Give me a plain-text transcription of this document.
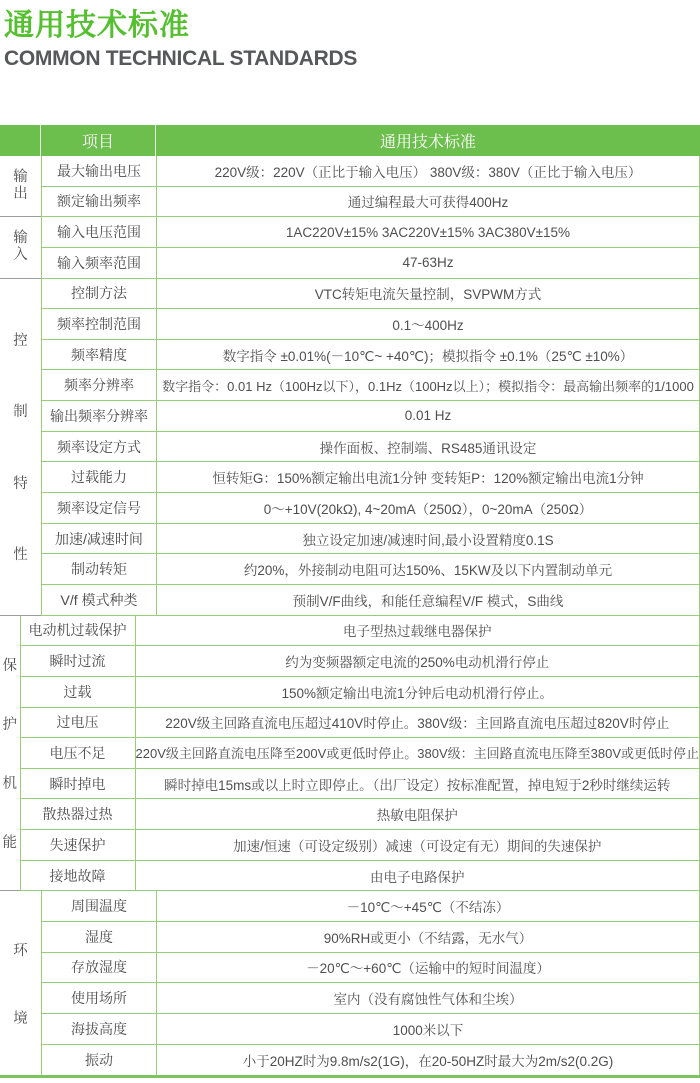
通用技术标准
COMMON TECHNICAL STANDARDS
项目	通用技术标准
输
出
最大输出电压	220V级：220V（正比于输入电压） 380V级：380V（正比于输入电压）
额定输出频率	通过编程最大可获得400Hz
输
入
输入电压范围	1AC220V±15% 3AC220V±15% 3AC380V±15%
输入频率范围	47-63Hz
控
制
特
性
控制方法	VTC转矩电流矢量控制，SVPWM方式
频率控制范围	0.1～400Hz
频率精度	数字指令 ±0.01%(－10℃~ +40℃)；模拟指令 ±0.1%（25℃ ±10%）
频率分辨率 数字指令：0.01 Hz（100Hz以下），0.1Hz（100Hz以上）；模拟指令：最高输出频率的1/1000
输出频率分辨率	0.01 Hz
频率设定方式	操作面板、控制端、RS485通讯设定
过载能力	恒转矩G：150%额定输出电流1分钟 变转矩P：120%额定输出电流1分钟
频率设定信号	0～+10V(20kΩ), 4~20mA（250Ω），0~20mA（250Ω）
加速/减速时间	独立设定加速/减速时间,最小设置精度0.1S
制动转矩	约20%，外接制动电阻可达150%、15KW及以下内置制动单元
V/f 模式种类	预制V/F曲线，和能任意编程V/F 模式，S曲线
保
护
机
能
电动机过载保护	电子型热过载继电器保护
瞬时过流	约为变频器额定电流的250%电动机滑行停止
过载	150%额定输出电流1分钟后电动机滑行停止。
过电压	220V级主回路直流电压超过410V时停止。380V级：主回路直流电压超过820V时停止
电压不足 220V级主回路直流电压降至200V或更低时停止。380V级：主回路直流电压降至380V或更低时停止
瞬时掉电	瞬时掉电15ms或以上时立即停止。（出厂设定）按标准配置，掉电短于2秒时继续运转
散热器过热	热敏电阻保护
失速保护	加速/恒速（可设定级别）减速（可设定有无）期间的失速保护
接地故障	由电子电路保护
环
境
周围温度	－10℃～+45℃（不结冻）
湿度	90%RH或更小（不结露，无水气）
存放湿度	－20℃～+60℃（运输中的短时间温度）
使用场所	室内（没有腐蚀性气体和尘埃）
海拔高度	1000米以下
振动	小于20HZ时为9.8m/s2(1G)，在20-50HZ时最大为2m/s2(0.2G)
